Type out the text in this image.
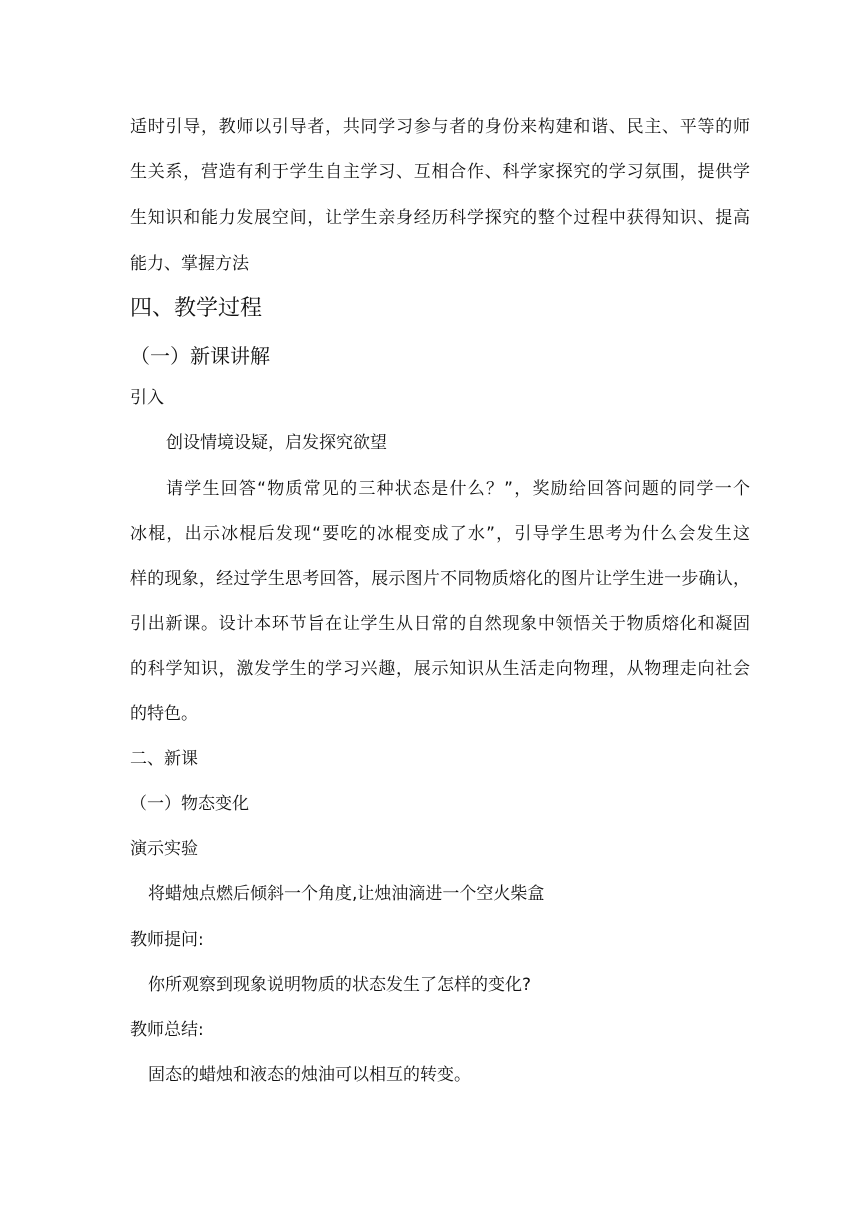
适时引导，教师以引导者，共同学习参与者的身份来构建和谐、民主、平等的师
生关系，营造有利于学生自主学习、互相合作、科学家探究的学习氛围，提供学
生知识和能力发展空间，让学生亲身经历科学探究的整个过程中获得知识、提高
能力、掌握方法
四、教学过程
（一）新课讲解
引入
创设情境设疑，启发探究欲望
请学生回答“物质常见的三种状态是什么？”，奖励给回答问题的同学一个
冰棍，出示冰棍后发现“要吃的冰棍变成了水”，引导学生思考为什么会发生这
样的现象，经过学生思考回答，展示图片不同物质熔化的图片让学生进一步确认，
引出新课。设计本环节旨在让学生从日常的自然现象中领悟关于物质熔化和凝固
的科学知识，激发学生的学习兴趣，展示知识从生活走向物理，从物理走向社会
的特色。
二、新课
（一）物态变化
演示实验
将蜡烛点燃后倾斜一个角度,让烛油滴进一个空火柴盒
教师提问:
你所观察到现象说明物质的状态发生了怎样的变化?
教师总结:
固态的蜡烛和液态的烛油可以相互的转变。
